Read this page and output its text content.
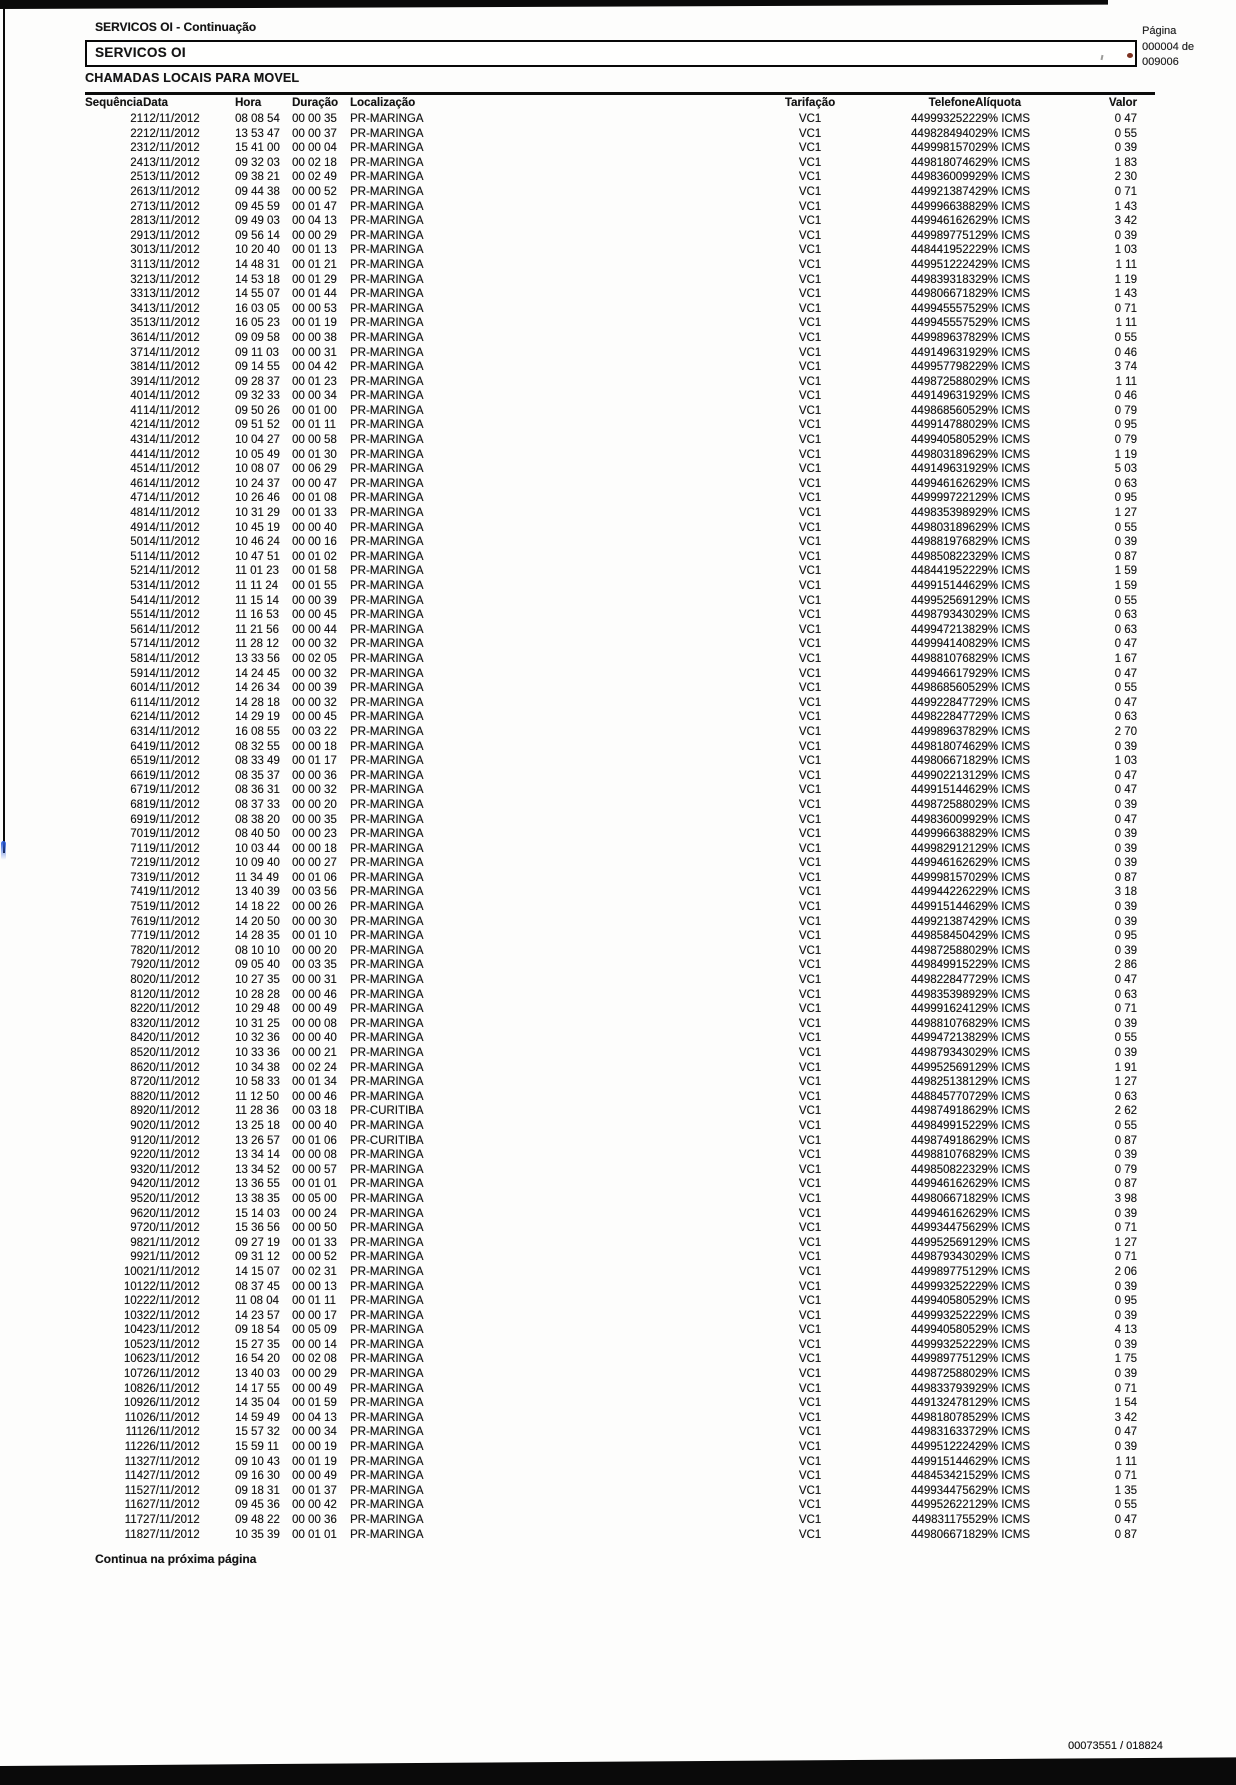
SERVICOS OI - Continuação	Página
000004 de
009006
SERVICOS OI
CHAMADAS LOCAIS PARA MOVEL
Sequência	Data	Hora	Duração	Localização	Tarifação	Telefone	Alíquota	Valor
21	12/11/2012	08 08 54	00 00 35	PR-MARINGA	VC1	4499932522	29% ICMS	0 47
22	12/11/2012	13 53 47	00 00 37	PR-MARINGA	VC1	4498284940	29% ICMS	0 55
23	12/11/2012	15 41 00	00 00 04	PR-MARINGA	VC1	4499981570	29% ICMS	0 39
24	13/11/2012	09 32 03	00 02 18	PR-MARINGA	VC1	4498180746	29% ICMS	1 83
25	13/11/2012	09 38 21	00 02 49	PR-MARINGA	VC1	4498360099	29% ICMS	2 30
26	13/11/2012	09 44 38	00 00 52	PR-MARINGA	VC1	4499213874	29% ICMS	0 71
27	13/11/2012	09 45 59	00 01 47	PR-MARINGA	VC1	4499966388	29% ICMS	1 43
28	13/11/2012	09 49 03	00 04 13	PR-MARINGA	VC1	4499461626	29% ICMS	3 42
29	13/11/2012	09 56 14	00 00 29	PR-MARINGA	VC1	4499897751	29% ICMS	0 39
30	13/11/2012	10 20 40	00 01 13	PR-MARINGA	VC1	4484419522	29% ICMS	1 03
31	13/11/2012	14 48 31	00 01 21	PR-MARINGA	VC1	4499512224	29% ICMS	1 11
32	13/11/2012	14 53 18	00 01 29	PR-MARINGA	VC1	4498393183	29% ICMS	1 19
33	13/11/2012	14 55 07	00 01 44	PR-MARINGA	VC1	4498066718	29% ICMS	1 43
34	13/11/2012	16 03 05	00 00 53	PR-MARINGA	VC1	4499455575	29% ICMS	0 71
35	13/11/2012	16 05 23	00 01 19	PR-MARINGA	VC1	4499455575	29% ICMS	1 11
36	14/11/2012	09 09 58	00 00 38	PR-MARINGA	VC1	4499896378	29% ICMS	0 55
37	14/11/2012	09 11 03	00 00 31	PR-MARINGA	VC1	4491496319	29% ICMS	0 46
38	14/11/2012	09 14 55	00 04 42	PR-MARINGA	VC1	4499577982	29% ICMS	3 74
39	14/11/2012	09 28 37	00 01 23	PR-MARINGA	VC1	4498725880	29% ICMS	1 11
40	14/11/2012	09 32 33	00 00 34	PR-MARINGA	VC1	4491496319	29% ICMS	0 46
41	14/11/2012	09 50 26	00 01 00	PR-MARINGA	VC1	4498685605	29% ICMS	0 79
42	14/11/2012	09 51 52	00 01 11	PR-MARINGA	VC1	4499147880	29% ICMS	0 95
43	14/11/2012	10 04 27	00 00 58	PR-MARINGA	VC1	4499405805	29% ICMS	0 79
44	14/11/2012	10 05 49	00 01 30	PR-MARINGA	VC1	4498031896	29% ICMS	1 19
45	14/11/2012	10 08 07	00 06 29	PR-MARINGA	VC1	4491496319	29% ICMS	5 03
46	14/11/2012	10 24 37	00 00 47	PR-MARINGA	VC1	4499461626	29% ICMS	0 63
47	14/11/2012	10 26 46	00 01 08	PR-MARINGA	VC1	4499997221	29% ICMS	0 95
48	14/11/2012	10 31 29	00 01 33	PR-MARINGA	VC1	4498353989	29% ICMS	1 27
49	14/11/2012	10 45 19	00 00 40	PR-MARINGA	VC1	4498031896	29% ICMS	0 55
50	14/11/2012	10 46 24	00 00 16	PR-MARINGA	VC1	4498819768	29% ICMS	0 39
51	14/11/2012	10 47 51	00 01 02	PR-MARINGA	VC1	4498508223	29% ICMS	0 87
52	14/11/2012	11 01 23	00 01 58	PR-MARINGA	VC1	4484419522	29% ICMS	1 59
53	14/11/2012	11 11 24	00 01 55	PR-MARINGA	VC1	4499151446	29% ICMS	1 59
54	14/11/2012	11 15 14	00 00 39	PR-MARINGA	VC1	4499525691	29% ICMS	0 55
55	14/11/2012	11 16 53	00 00 45	PR-MARINGA	VC1	4498793430	29% ICMS	0 63
56	14/11/2012	11 21 56	00 00 44	PR-MARINGA	VC1	4499472138	29% ICMS	0 63
57	14/11/2012	11 28 12	00 00 32	PR-MARINGA	VC1	4499941408	29% ICMS	0 47
58	14/11/2012	13 33 56	00 02 05	PR-MARINGA	VC1	4498810768	29% ICMS	1 67
59	14/11/2012	14 24 45	00 00 32	PR-MARINGA	VC1	4499466179	29% ICMS	0 47
60	14/11/2012	14 26 34	00 00 39	PR-MARINGA	VC1	4498685605	29% ICMS	0 55
61	14/11/2012	14 28 18	00 00 32	PR-MARINGA	VC1	4499228477	29% ICMS	0 47
62	14/11/2012	14 29 19	00 00 45	PR-MARINGA	VC1	4498228477	29% ICMS	0 63
63	14/11/2012	16 08 55	00 03 22	PR-MARINGA	VC1	4499896378	29% ICMS	2 70
64	19/11/2012	08 32 55	00 00 18	PR-MARINGA	VC1	4498180746	29% ICMS	0 39
65	19/11/2012	08 33 49	00 01 17	PR-MARINGA	VC1	4498066718	29% ICMS	1 03
66	19/11/2012	08 35 37	00 00 36	PR-MARINGA	VC1	4499022131	29% ICMS	0 47
67	19/11/2012	08 36 31	00 00 32	PR-MARINGA	VC1	4499151446	29% ICMS	0 47
68	19/11/2012	08 37 33	00 00 20	PR-MARINGA	VC1	4498725880	29% ICMS	0 39
69	19/11/2012	08 38 20	00 00 35	PR-MARINGA	VC1	4498360099	29% ICMS	0 47
70	19/11/2012	08 40 50	00 00 23	PR-MARINGA	VC1	4499966388	29% ICMS	0 39
71	19/11/2012	10 03 44	00 00 18	PR-MARINGA	VC1	4499829121	29% ICMS	0 39
72	19/11/2012	10 09 40	00 00 27	PR-MARINGA	VC1	4499461626	29% ICMS	0 39
73	19/11/2012	11 34 49	00 01 06	PR-MARINGA	VC1	4499981570	29% ICMS	0 87
74	19/11/2012	13 40 39	00 03 56	PR-MARINGA	VC1	4499442262	29% ICMS	3 18
75	19/11/2012	14 18 22	00 00 26	PR-MARINGA	VC1	4499151446	29% ICMS	0 39
76	19/11/2012	14 20 50	00 00 30	PR-MARINGA	VC1	4499213874	29% ICMS	0 39
77	19/11/2012	14 28 35	00 01 10	PR-MARINGA	VC1	4498584504	29% ICMS	0 95
78	20/11/2012	08 10 10	00 00 20	PR-MARINGA	VC1	4498725880	29% ICMS	0 39
79	20/11/2012	09 05 40	00 03 35	PR-MARINGA	VC1	4498499152	29% ICMS	2 86
80	20/11/2012	10 27 35	00 00 31	PR-MARINGA	VC1	4498228477	29% ICMS	0 47
81	20/11/2012	10 28 28	00 00 46	PR-MARINGA	VC1	4498353989	29% ICMS	0 63
82	20/11/2012	10 29 48	00 00 49	PR-MARINGA	VC1	4499916241	29% ICMS	0 71
83	20/11/2012	10 31 25	00 00 08	PR-MARINGA	VC1	4498810768	29% ICMS	0 39
84	20/11/2012	10 32 36	00 00 40	PR-MARINGA	VC1	4499472138	29% ICMS	0 55
85	20/11/2012	10 33 36	00 00 21	PR-MARINGA	VC1	4498793430	29% ICMS	0 39
86	20/11/2012	10 34 38	00 02 24	PR-MARINGA	VC1	4499525691	29% ICMS	1 91
87	20/11/2012	10 58 33	00 01 34	PR-MARINGA	VC1	4498251381	29% ICMS	1 27
88	20/11/2012	11 12 50	00 00 46	PR-MARINGA	VC1	4488457707	29% ICMS	0 63
89	20/11/2012	11 28 36	00 03 18	PR-CURITIBA	VC1	4498749186	29% ICMS	2 62
90	20/11/2012	13 25 18	00 00 40	PR-MARINGA	VC1	4498499152	29% ICMS	0 55
91	20/11/2012	13 26 57	00 01 06	PR-CURITIBA	VC1	4498749186	29% ICMS	0 87
92	20/11/2012	13 34 14	00 00 08	PR-MARINGA	VC1	4498810768	29% ICMS	0 39
93	20/11/2012	13 34 52	00 00 57	PR-MARINGA	VC1	4498508223	29% ICMS	0 79
94	20/11/2012	13 36 55	00 01 01	PR-MARINGA	VC1	4499461626	29% ICMS	0 87
95	20/11/2012	13 38 35	00 05 00	PR-MARINGA	VC1	4498066718	29% ICMS	3 98
96	20/11/2012	15 14 03	00 00 24	PR-MARINGA	VC1	4499461626	29% ICMS	0 39
97	20/11/2012	15 36 56	00 00 50	PR-MARINGA	VC1	4499344756	29% ICMS	0 71
98	21/11/2012	09 27 19	00 01 33	PR-MARINGA	VC1	4499525691	29% ICMS	1 27
99	21/11/2012	09 31 12	00 00 52	PR-MARINGA	VC1	4498793430	29% ICMS	0 71
100	21/11/2012	14 15 07	00 02 31	PR-MARINGA	VC1	4499897751	29% ICMS	2 06
101	22/11/2012	08 37 45	00 00 13	PR-MARINGA	VC1	4499932522	29% ICMS	0 39
102	22/11/2012	11 08 04	00 01 11	PR-MARINGA	VC1	4499405805	29% ICMS	0 95
103	22/11/2012	14 23 57	00 00 17	PR-MARINGA	VC1	4499932522	29% ICMS	0 39
104	23/11/2012	09 18 54	00 05 09	PR-MARINGA	VC1	4499405805	29% ICMS	4 13
105	23/11/2012	15 27 35	00 00 14	PR-MARINGA	VC1	4499932522	29% ICMS	0 39
106	23/11/2012	16 54 20	00 02 08	PR-MARINGA	VC1	4499897751	29% ICMS	1 75
107	26/11/2012	13 40 03	00 00 29	PR-MARINGA	VC1	4498725880	29% ICMS	0 39
108	26/11/2012	14 17 55	00 00 49	PR-MARINGA	VC1	4498337939	29% ICMS	0 71
109	26/11/2012	14 35 04	00 01 59	PR-MARINGA	VC1	4491324781	29% ICMS	1 54
110	26/11/2012	14 59 49	00 04 13	PR-MARINGA	VC1	4498180785	29% ICMS	3 42
111	26/11/2012	15 57 32	00 00 34	PR-MARINGA	VC1	4498316337	29% ICMS	0 47
112	26/11/2012	15 59 11	00 00 19	PR-MARINGA	VC1	4499512224	29% ICMS	0 39
113	27/11/2012	09 10 43	00 01 19	PR-MARINGA	VC1	4499151446	29% ICMS	1 11
114	27/11/2012	09 16 30	00 00 49	PR-MARINGA	VC1	4484534215	29% ICMS	0 71
115	27/11/2012	09 18 31	00 01 37	PR-MARINGA	VC1	4499344756	29% ICMS	1 35
116	27/11/2012	09 45 36	00 00 42	PR-MARINGA	VC1	4499526221	29% ICMS	0 55
117	27/11/2012	09 48 22	00 00 36	PR-MARINGA	VC1	4498311755	29% ICMS	0 47
118	27/11/2012	10 35 39	00 01 01	PR-MARINGA	VC1	4498066718	29% ICMS	0 87
Continua na próxima página
00073551 / 018824
